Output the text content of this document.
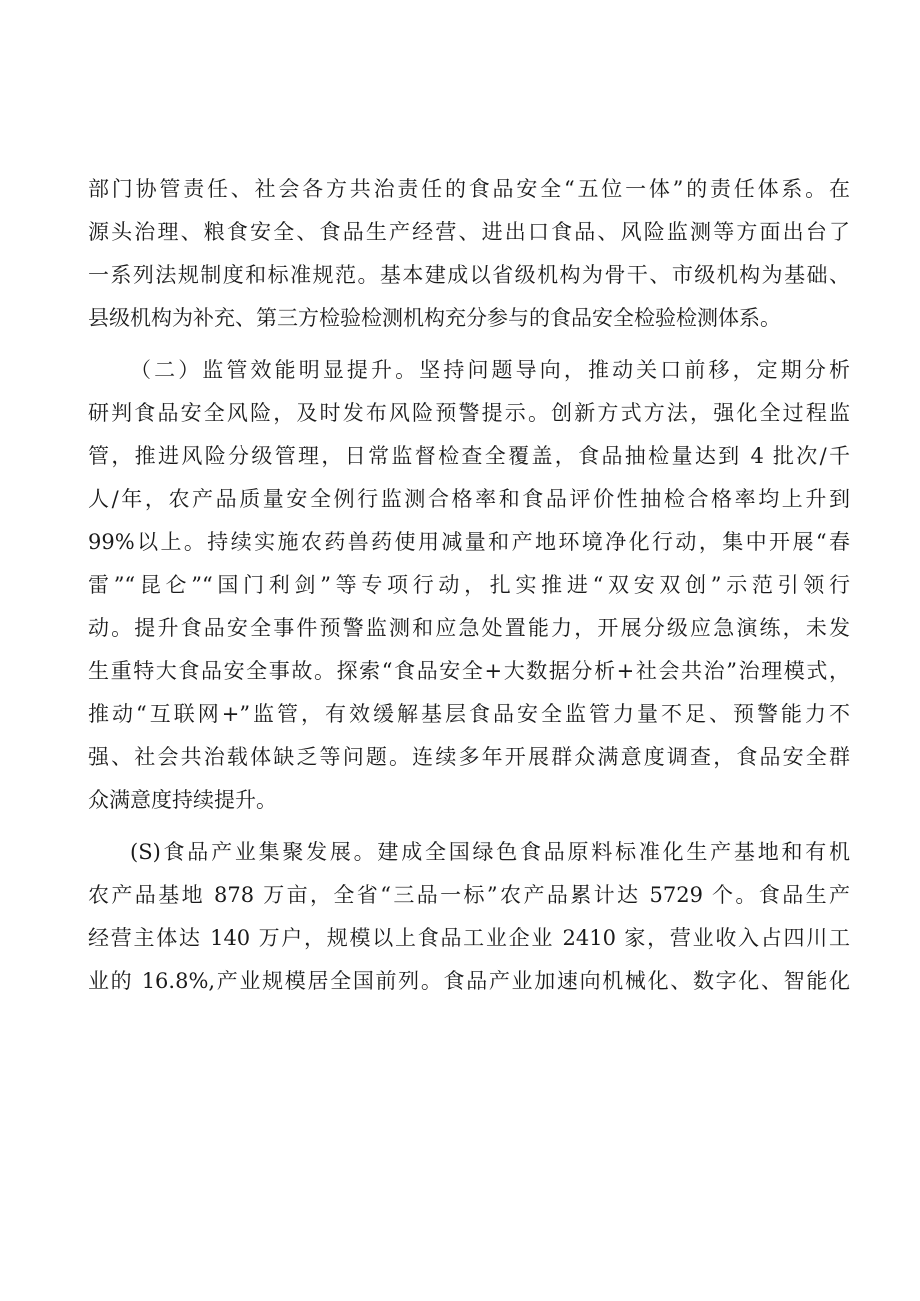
部门协管责任、社会各方共治责任的食品安全“五位一体”的责任体系。在
源头治理、粮食安全、食品生产经营、进出口食品、风险监测等方面出台了
一系列法规制度和标准规范。基本建成以省级机构为骨干、市级机构为基础、
县级机构为补充、第三方检验检测机构充分参与的食品安全检验检测体系。
（二）监管效能明显提升。坚持问题导向，推动关口前移，定期分析
研判食品安全风险，及时发布风险预警提示。创新方式方法，强化全过程监
管，推进风险分级管理，日常监督检查全覆盖，食品抽检量达到 4 批次/千
人/年，农产品质量安全例行监测合格率和食品评价性抽检合格率均上升到
99%以上。持续实施农药兽药使用减量和产地环境净化行动，集中开展“春
雷”“昆仑”“国门利剑”等专项行动，扎实推进“双安双创”示范引领行
动。提升食品安全事件预警监测和应急处置能力，开展分级应急演练，未发
生重特大食品安全事故。探索“食品安全+大数据分析+社会共治”治理模式，
推动“互联网+”监管，有效缓解基层食品安全监管力量不足、预警能力不
强、社会共治载体缺乏等问题。连续多年开展群众满意度调查，食品安全群
众满意度持续提升。
(S)食品产业集聚发展。建成全国绿色食品原料标准化生产基地和有机
农产品基地 878 万亩，全省“三品一标”农产品累计达 5729 个。食品生产
经营主体达 140 万户，规模以上食品工业企业 2410 家，营业收入占四川工
业的 16.8%,产业规模居全国前列。食品产业加速向机械化、数字化、智能化
